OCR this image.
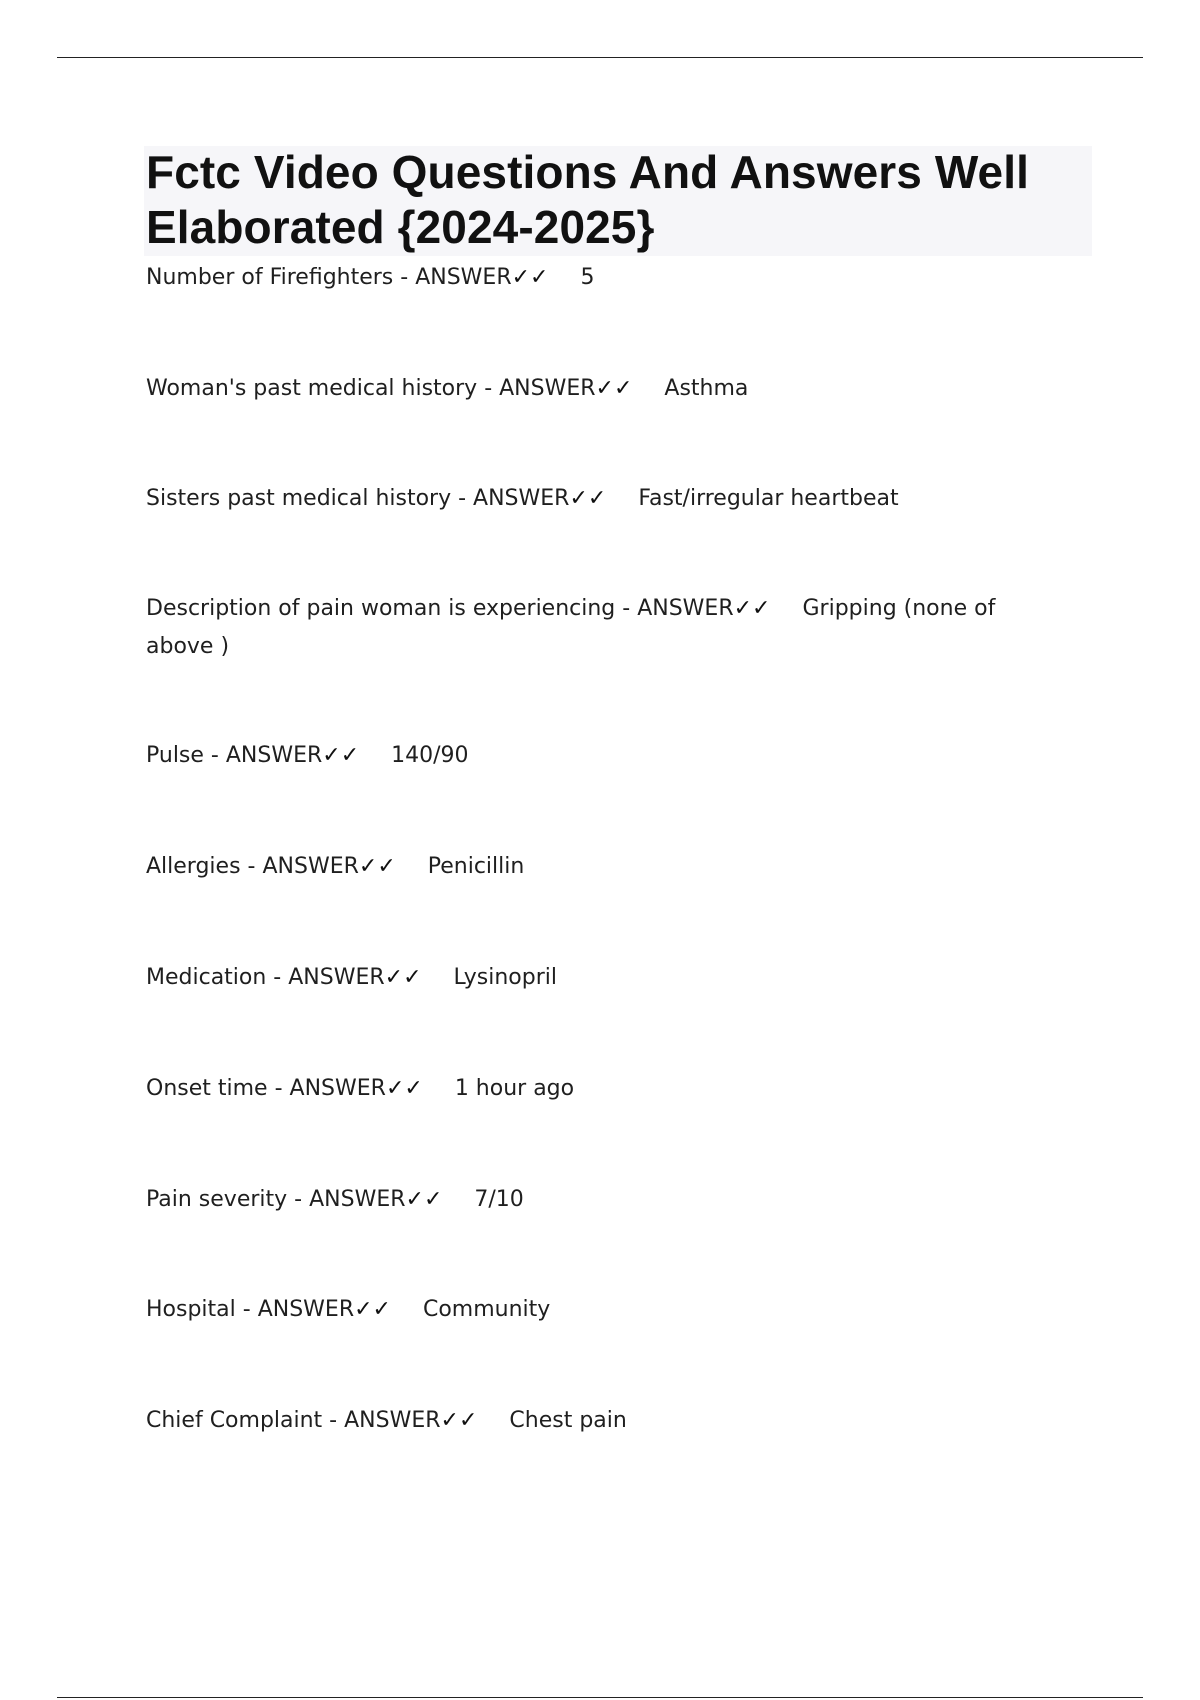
Fctc Video Questions And Answers Well Elaborated {2024-2025}
Number of Firefighters - ANSWER✓✓ 5
Woman's past medical history - ANSWER✓✓ Asthma
Sisters past medical history - ANSWER✓✓ Fast/irregular heartbeat
Description of pain woman is experiencing - ANSWER✓✓ Gripping (none of above )
Pulse - ANSWER✓✓ 140/90
Allergies - ANSWER✓✓ Penicillin
Medication - ANSWER✓✓ Lysinopril
Onset time - ANSWER✓✓ 1 hour ago
Pain severity - ANSWER✓✓ 7/10
Hospital - ANSWER✓✓ Community
Chief Complaint - ANSWER✓✓ Chest pain
